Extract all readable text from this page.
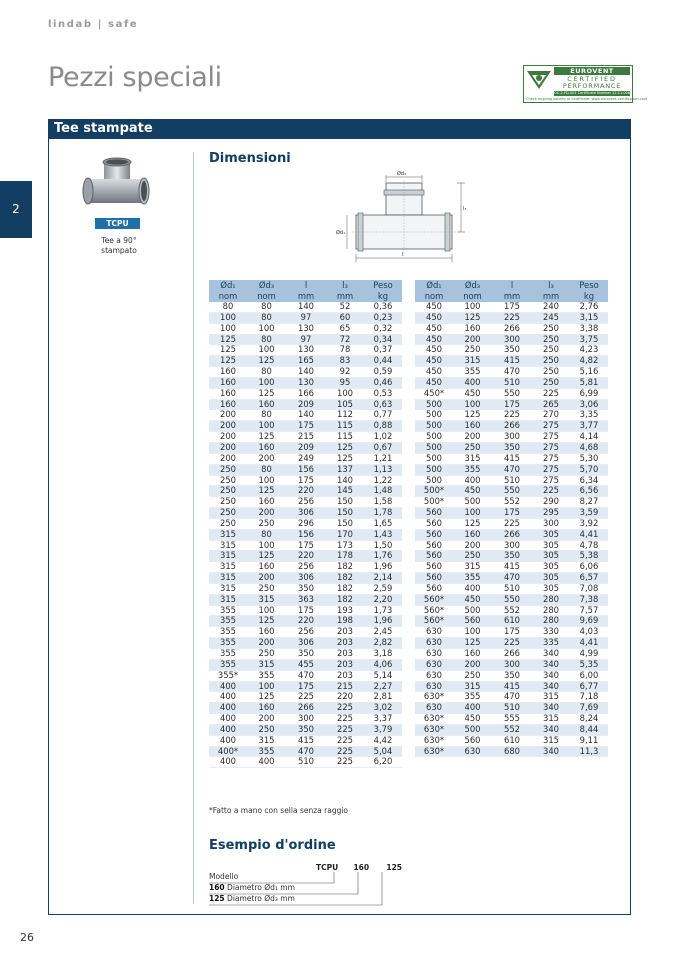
lindab | safe
Pezzi speciali	EUROVENT
CERTIFIED
PERFORMANCE
OC-2-FD-001 Certificate Number 12.11.006
Check ongoing validity of certificate: www.eurovent-certification.com
Tee stampate
2
TCPU
Tee a 90° stampato
Dimensioni
Ød₃
Ød₁
l
l₃
Ød₁	Ød₃	l	l₃	Peso
nom	nom	mm	mm	kg
80	80	140	52	0,36
100	80	97	60	0,23
100	100	130	65	0,32
125	80	97	72	0,34
125	100	130	78	0,37
125	125	165	83	0,44
160	80	140	92	0,59
160	100	130	95	0,46
160	125	166	100	0,53
160	160	209	105	0,63
200	80	140	112	0,77
200	100	175	115	0,88
200	125	215	115	1,02
200	160	209	125	0,67
200	200	249	125	1,21
250	80	156	137	1,13
250	100	175	140	1,22
250	125	220	145	1,48
250	160	256	150	1,58
250	200	306	150	1,78
250	250	296	150	1,65
315	80	156	170	1,43
315	100	175	173	1,50
315	125	220	178	1,76
315	160	256	182	1,96
315	200	306	182	2,14
315	250	350	182	2,59
315	315	363	182	2,20
355	100	175	193	1,73
355	125	220	198	1,96
355	160	256	203	2,45
355	200	306	203	2,82
355	250	350	203	3,18
355	315	455	203	4,06
355*	355	470	203	5,14
400	100	175	215	2,27
400	125	225	220	2,81
400	160	266	225	3,02
400	200	300	225	3,37
400	250	350	225	3,79
400	315	415	225	4,42
400*	355	470	225	5,04
400	400	510	225	6,20
Ød₁	Ød₃	l	l₃	Peso
nom	nom	mm	mm	kg
450	100	175	240	2,76
450	125	225	245	3,15
450	160	266	250	3,38
450	200	300	250	3,75
450	250	350	250	4,23
450	315	415	250	4,82
450	355	470	250	5,16
450	400	510	250	5,81
450*	450	550	225	6,99
500	100	175	265	3,06
500	125	225	270	3,35
500	160	266	275	3,77
500	200	300	275	4,14
500	250	350	275	4,68
500	315	415	275	5,30
500	355	470	275	5,70
500	400	510	275	6,34
500*	450	550	225	6,56
500*	500	552	290	8,27
560	100	175	295	3,59
560	125	225	300	3,92
560	160	266	305	4,41
560	200	300	305	4,78
560	250	350	305	5,38
560	315	415	305	6,06
560	355	470	305	6,57
560	400	510	305	7,08
560*	450	550	280	7,38
560*	500	552	280	7,57
560*	560	610	280	9,69
630	100	175	330	4,03
630	125	225	335	4,41
630	160	266	340	4,99
630	200	300	340	5,35
630	250	350	340	6,00
630	315	415	340	6,77
630*	355	470	315	7,18
630	400	510	340	7,69
630*	450	555	315	8,24
630*	500	552	340	8,44
630*	560	610	315	9,11
630*	630	680	340	11,3
*Fatto a mano con sella senza raggio
Esempio d'ordine
TCPU 160 125
Modello
160 Diametro Ød₁ mm
125 Diametro Ød₃ mm
26
